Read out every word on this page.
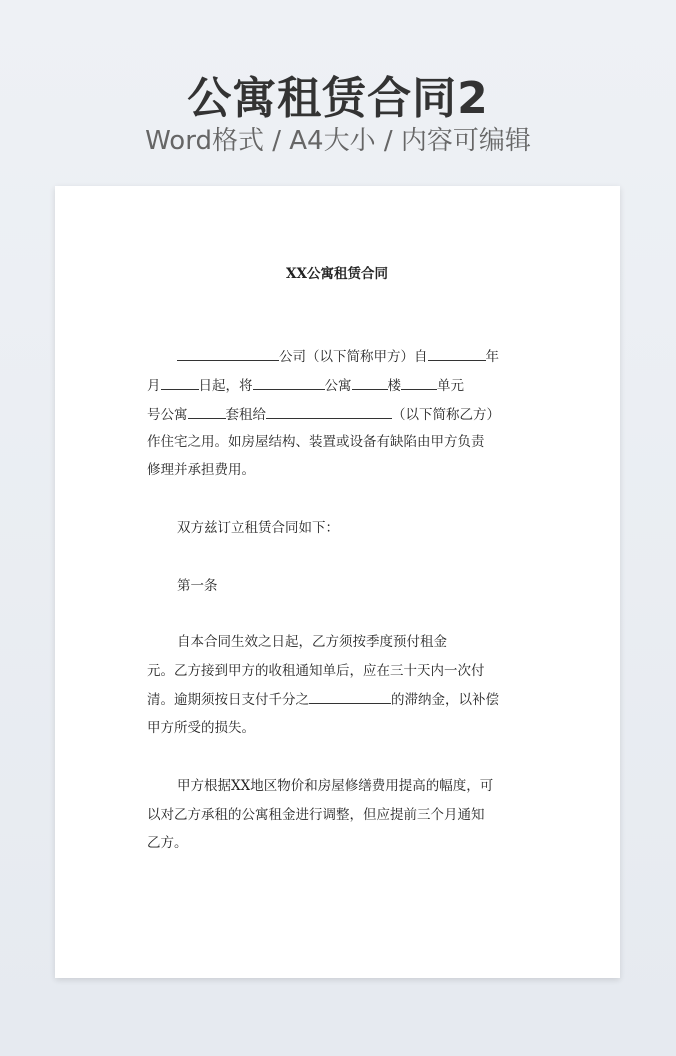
公寓租赁合同2
Word格式 / A4大小 / 内容可编辑
XX公寓租赁合同
公司（以下简称甲方）自	年
月	日起，将	公寓	楼	单元
号公寓	套租给	（以下简称乙方）
作住宅之用。如房屋结构、装置或设备有缺陷由甲方负责
修理并承担费用。
双方兹订立租赁合同如下：
第一条
自本合同生效之日起，乙方须按季度预付租金
元。乙方接到甲方的收租通知单后，应在三十天内一次付
清。逾期须按日支付千分之	的滞纳金，以补偿
甲方所受的损失。
甲方根据XX地区物价和房屋修缮费用提高的幅度，可
以对乙方承租的公寓租金进行调整，但应提前三个月通知
乙方。
